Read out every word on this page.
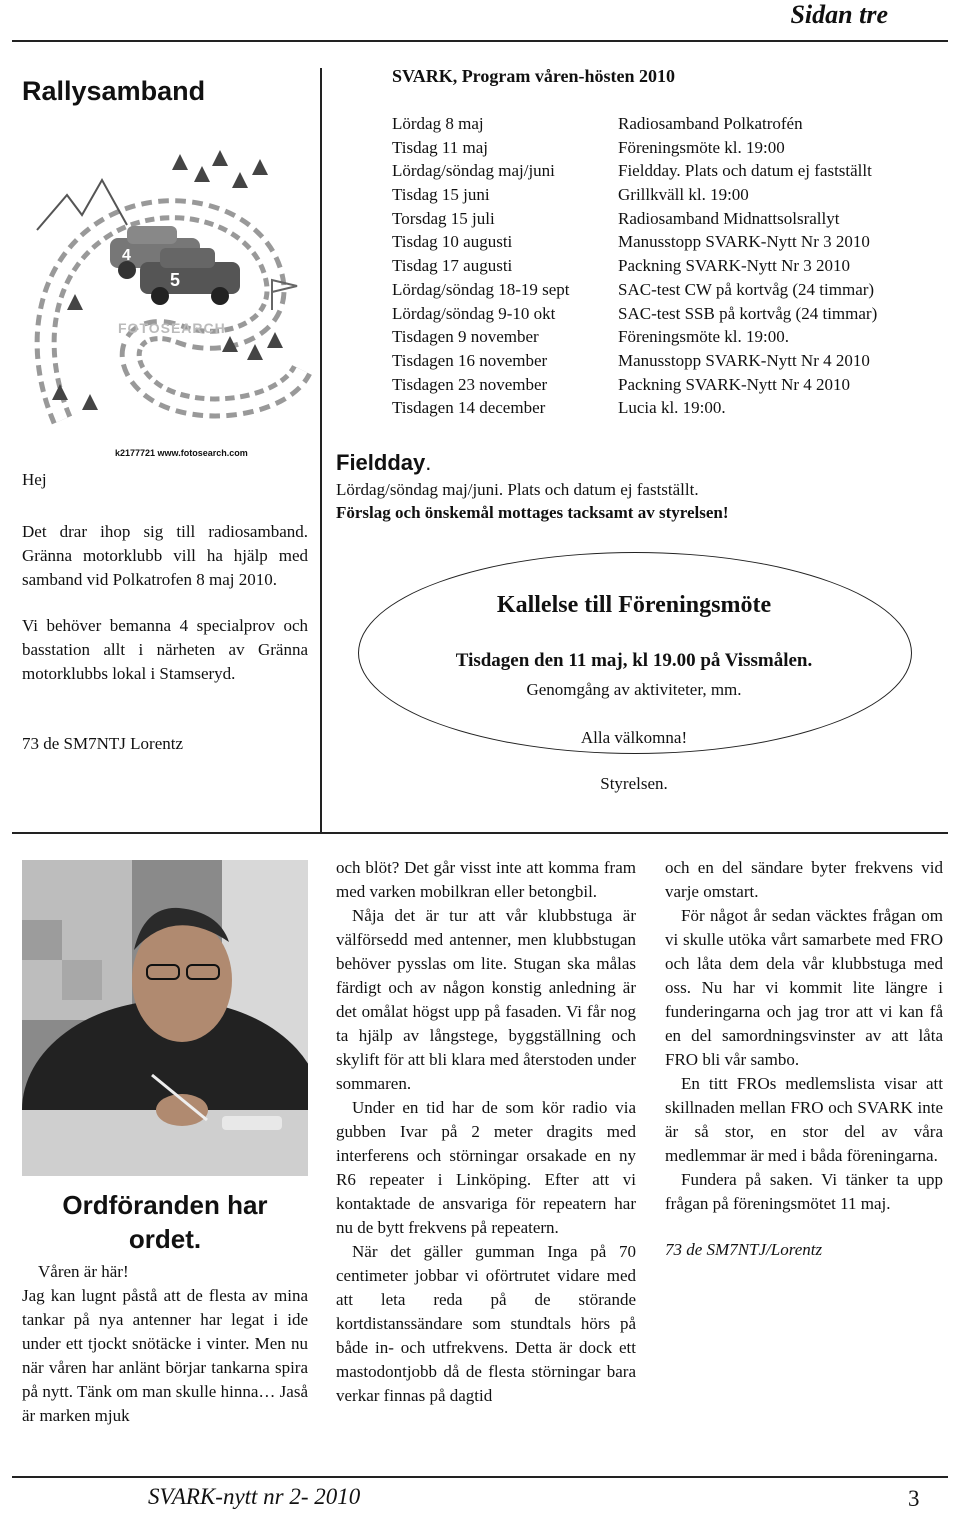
Sidan tre
Rallysamband
5
4
FOTOSEARCH
k2177721 www.fotosearch.com
Hej

Det drar ihop sig till radiosamband. Gränna motorklubb vill ha hjälp med samband vid Polkatrofen 8 maj 2010.

Vi behöver bemanna 4 specialprov och basstation allt i närheten av Gränna motorklubbs lokal i Stamseryd.

73 de SM7NTJ Lorentz
SVARK, Program våren-hösten 2010
Lördag 8 maj	Radiosamband Polkatrofén
Tisdag 11 maj	Föreningsmöte kl. 19:00
Lördag/söndag maj/juni	Fieldday. Plats och datum ej fastställt
Tisdag 15 juni	Grillkväll kl. 19:00
Torsdag 15 juli	Radiosamband Midnattsolsrallyt
Tisdag 10 augusti	Manusstopp SVARK-Nytt Nr 3 2010
Tisdag 17 augusti	Packning SVARK-Nytt Nr 3 2010
Lördag/söndag 18-19 sept	SAC-test CW på kortvåg (24 timmar)
Lördag/söndag 9-10 okt	SAC-test SSB på kortvåg (24 timmar)
Tisdagen 9 november	Föreningsmöte kl. 19:00.
Tisdagen 16 november	Manusstopp SVARK-Nytt Nr 4 2010
Tisdagen 23 november	Packning SVARK-Nytt Nr 4 2010
Tisdagen 14 december	Lucia kl. 19:00.
Fieldday.
Lördag/söndag maj/juni. Plats och datum ej fastställt.
Förslag och önskemål mottages tacksamt av styrelsen!
Kallelse till Föreningsmöte
Tisdagen den 11 maj, kl 19.00 på Vissmålen.
Genomgång av aktiviteter, mm.
Alla välkomna!
Styrelsen.
Ordföranden har
ordet.

Våren är här!

Jag kan lugnt påstå att de flesta av mina tankar på nya antenner har legat i ide under ett tjockt snötäcke i vinter. Men nu när våren har anlänt börjar tankarna spira på nytt. Tänk om man skulle hinna… Jaså är marken mjuk

och blöt? Det går visst inte att komma fram med varken mobilkran eller betongbil.

Nåja det är tur att vår klubbstuga är välförsedd med antenner, men klubbstugan behöver pysslas om lite. Stugan ska målas färdigt och av någon konstig anledning är det omålat högst upp på fasaden. Vi får nog ta hjälp av långstege, byggställning och skylift för att bli klara med återstoden under sommaren.

Under en tid har de som kör radio via gubben Ivar på 2 meter dragits med interferens och störningar orsakade en ny R6 repeater i Linköping. Efter att vi kontaktade de ansvariga för repeatern har nu de bytt frekvens på repeatern.

När det gäller gumman Inga på 70 centimeter jobbar vi oförtrutet vidare med att leta reda på de störande kortdistanssändare som stundtals hörs på både in- och utfrekvens. Detta är dock ett mastodontjobb då de flesta störningar bara verkar finnas på dagtid

och en del sändare byter frekvens vid varje omstart.

För något år sedan väcktes frågan om vi skulle utöka vårt samarbete med FRO och låta dem dela vår klubbstuga med oss. Nu har vi kommit lite längre i funderingarna och jag tror att vi kan få en del samordningsvinster av att låta FRO bli vår sambo.

En titt FROs medlemslista visar att skillnaden mellan FRO och SVARK inte är så stor, en stor del av våra medlemmar är med i båda föreningarna.

Fundera på saken. Vi tänker ta upp frågan på föreningsmötet 11 maj.

73 de SM7NTJ/Lorentz

SVARK-nytt nr 2- 2010	3
